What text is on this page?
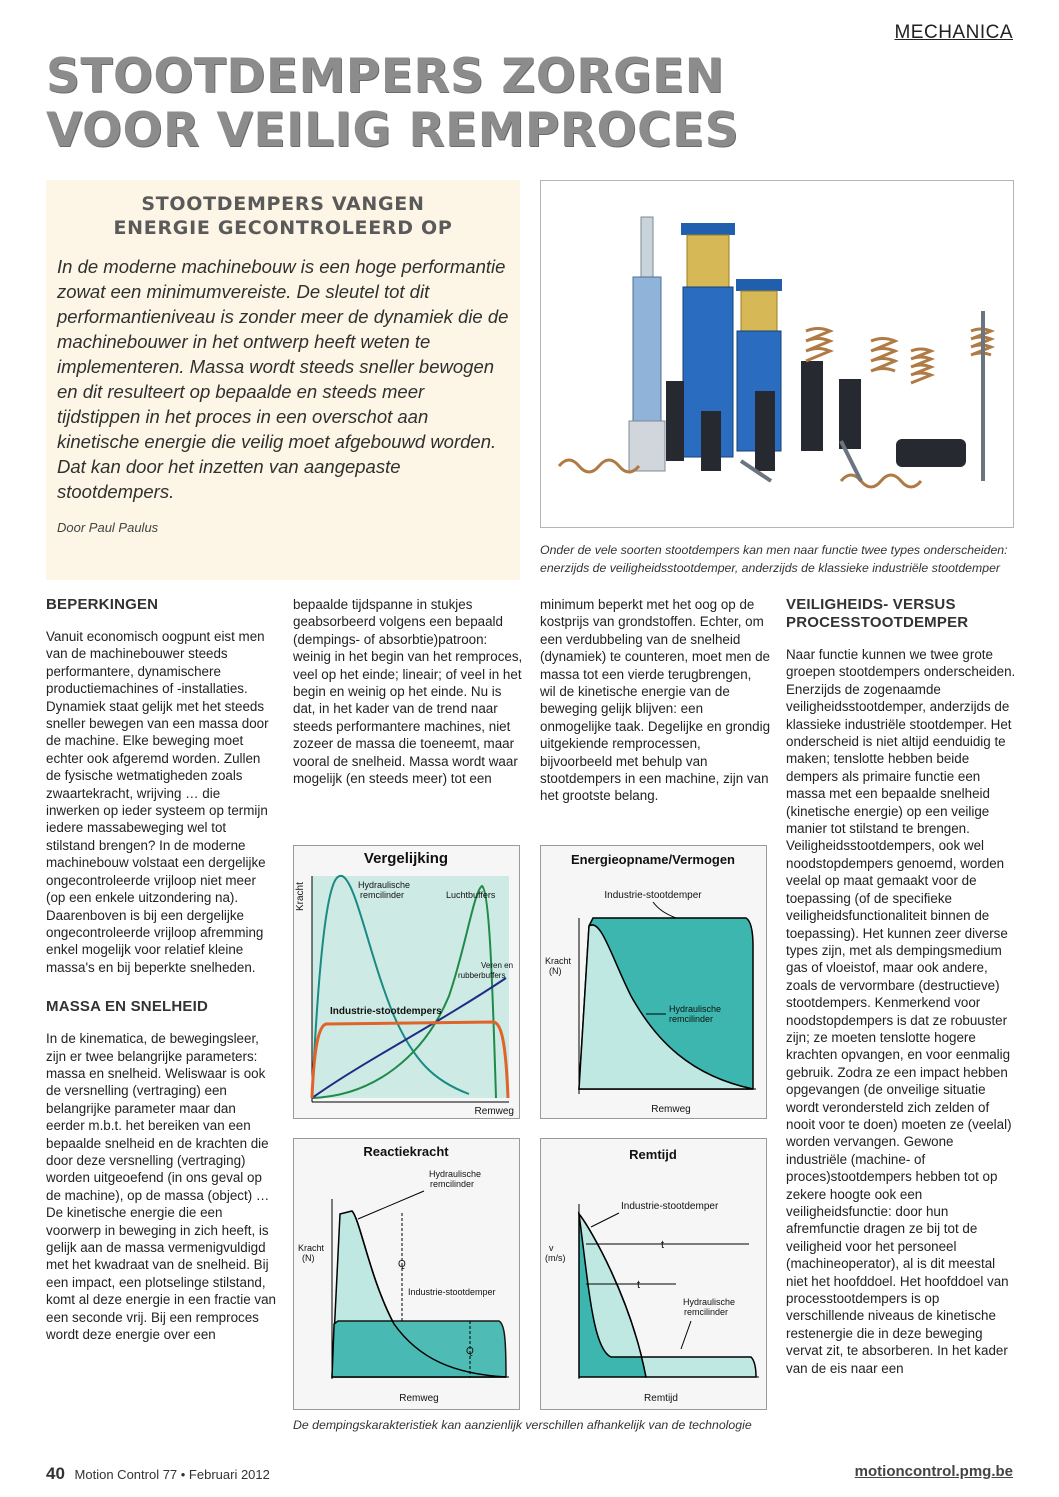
MECHANICA
STOOTDEMPERS ZORGEN
VOOR VEILIG REMPROCES
STOOTDEMPERS VANGEN
ENERGIE GECONTROLEERD OP
In de moderne machinebouw is een hoge performantie zowat een minimumvereiste. De sleutel tot dit performantieniveau is zonder meer de dynamiek die de machinebouwer in het ontwerp heeft weten te implementeren. Massa wordt steeds sneller bewogen en dit resulteert op bepaalde en steeds meer tijdstippen in het proces in een overschot aan kinetische energie die veilig moet afgebouwd worden. Dat kan door het inzetten van aangepaste stootdempers.
Door Paul Paulus
Onder de vele soorten stootdempers kan men naar functie twee types onderscheiden: enerzijds de veiligheidsstootdemper, anderzijds de klassieke industriële stootdemper
BEPERKINGEN

Vanuit economisch oogpunt eist men van de machinebouwer steeds performantere, dynamischere productiemachines of -installaties. Dynamiek staat gelijk met het steeds sneller bewegen van een massa door de machine. Elke beweging moet echter ook afgeremd worden. Zullen de fysische wetmatigheden zoals zwaartekracht, wrijving … die inwerken op ieder systeem op termijn iedere massabeweging wel tot stilstand brengen? In de moderne machinebouw volstaat een dergelijke ongecontroleerde vrijloop niet meer (op een enkele uitzondering na). Daarenboven is bij een dergelijke ongecontroleerde vrijloop afremming enkel mogelijk voor relatief kleine massa's en bij beperkte snelheden.

MASSA EN SNELHEID

In de kinematica, de bewegingsleer, zijn er twee belangrijke parameters: massa en snelheid. Weliswaar is ook de versnelling (vertraging) een belangrijke parameter maar dan eerder m.b.t. het bereiken van een bepaalde snelheid en de krachten die door deze versnelling (vertraging) worden uitgeoefend (in ons geval op de machine), op de massa (object) … De kinetische energie die een voorwerp in beweging in zich heeft, is gelijk aan de massa vermenigvuldigd met het kwadraat van de snelheid. Bij een impact, een plotselinge stilstand, komt al deze energie in een fractie van een seconde vrij. Bij een remproces wordt deze energie over een

bepaalde tijdspanne in stukjes geabsorbeerd volgens een bepaald (dempings- of absorbtie)patroon: weinig in het begin van het remproces, veel op het einde; lineair; of veel in het begin en weinig op het einde. Nu is dat, in het kader van de trend naar steeds performantere machines, niet zozeer de massa die toeneemt, maar vooral de snelheid. Massa wordt waar mogelijk (en steeds meer) tot een

minimum beperkt met het oog op de kostprijs van grondstoffen. Echter, om een verdubbeling van de snelheid (dynamiek) te counteren, moet men de massa tot een vierde terugbrengen, wil de kinetische energie van de beweging gelijk blijven: een onmogelijke taak. Degelijke en grondig uitgekiende remprocessen, bijvoorbeeld met behulp van stootdempers in een machine, zijn van het grootste belang.

VEILIGHEIDS- VERSUS
PROCESSTOOTDEMPER

Naar functie kunnen we twee grote groepen stootdempers onderscheiden. Enerzijds de zogenaamde veiligheidsstootdemper, anderzijds de klassieke industriële stootdemper. Het onderscheid is niet altijd eenduidig te maken; tenslotte hebben beide dempers als primaire functie een massa met een bepaalde snelheid (kinetische energie) op een veilige manier tot stilstand te brengen. Veiligheidsstootdempers, ook wel noodstopdempers genoemd, worden veelal op maat gemaakt voor de toepassing (of de specifieke veiligheidsfunctionaliteit binnen de toepassing). Het kunnen zeer diverse types zijn, met als dempingsmedium gas of vloeistof, maar ook andere, zoals de vervormbare (destructieve) stootdempers. Kenmerkend voor noodstopdempers is dat ze robuuster zijn; ze moeten tenslotte hogere krachten opvangen, en voor eenmalig gebruik. Zodra ze een impact hebben opgevangen (de onveilige situatie wordt verondersteld zich zelden of nooit voor te doen) moeten ze (veelal) worden vervangen. Gewone industriële (machine- of proces)stootdempers hebben tot op zekere hoogte ook een veiligheidsfunctie: door hun afremfunctie dragen ze bij tot de veiligheid voor het personeel (machineoperator), al is dit meestal niet het hoofddoel. Het hoofddoel van processtootdempers is op verschillende niveaus de kinetische restenergie die in deze beweging vervat zit, te absorberen. In het kader van de eis naar een

Vergelijking
Kracht	Hydraulische
remcilinder	Luchtbuffers
Veren en
rubberbuffers
Industrie-stootdempers
Remweg
Energieopname/Vermogen
Industrie-stootdemper
Kracht
(N)
Hydraulische
remcilinder
Remweg
Reactiekracht
Kracht
(N)
Hydraulische
remcilinder
Q
Industrie-stootdemper
Q
Remweg
Remtijd
v
(m/s)
Industrie-stootdemper
t
t
Hydraulische
remcilinder
Remtijd
De dempingskarakteristiek kan aanzienlijk verschillen afhankelijk van de technologie
40 Motion Control 77 • Februari 2012	motioncontrol.pmg.be
